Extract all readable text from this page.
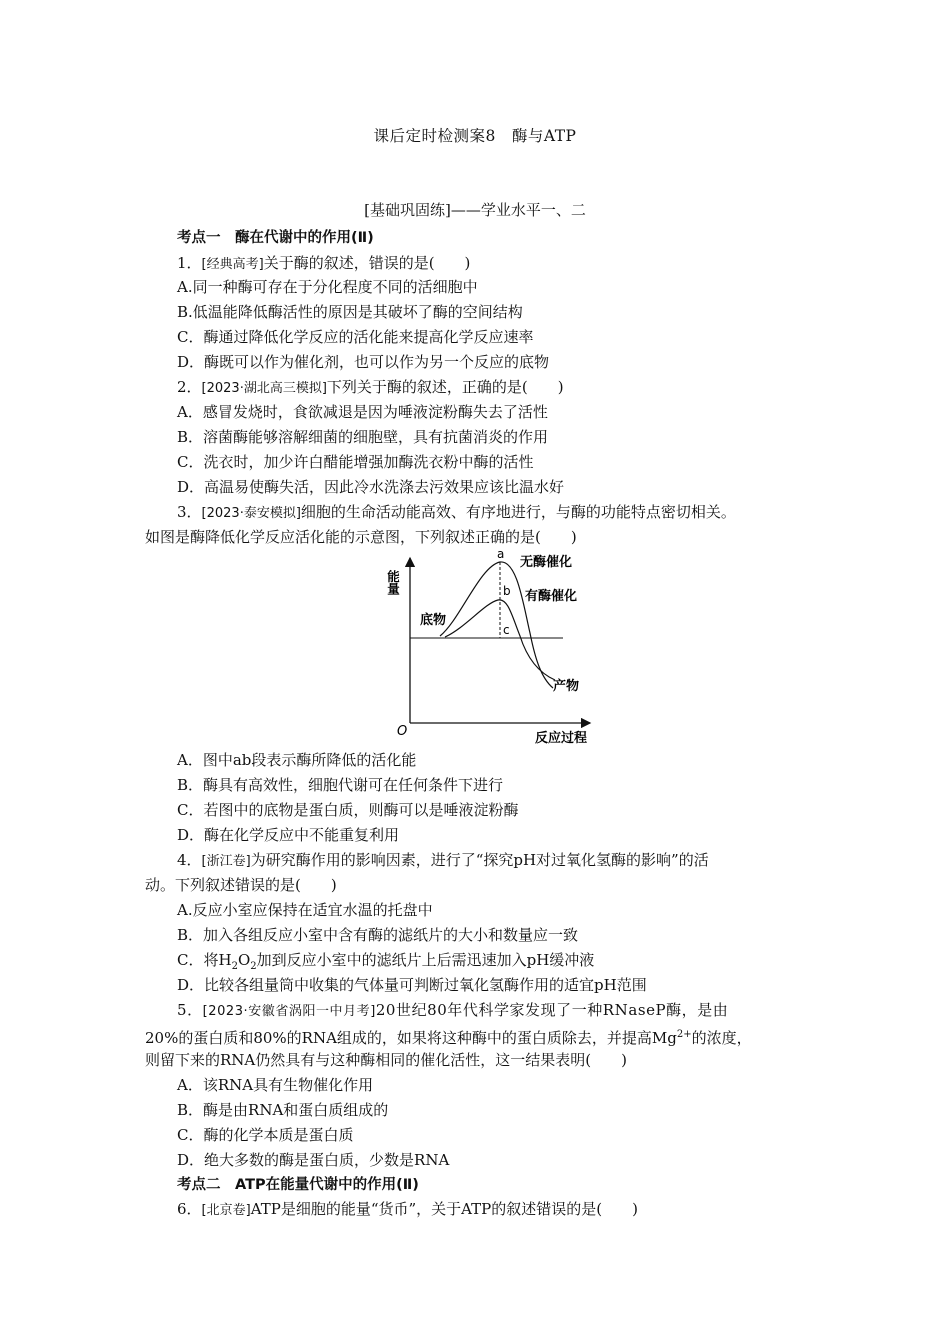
课后定时检测案8　酶与ATP
[基础巩固练]——学业水平一、二
考点一　酶在代谢中的作用(Ⅱ)
1．[经典高考]关于酶的叙述，错误的是(　　)
A.同一种酶可存在于分化程度不同的活细胞中
B.低温能降低酶活性的原因是其破坏了酶的空间结构
C．酶通过降低化学反应的活化能来提高化学反应速率
D．酶既可以作为催化剂，也可以作为另一个反应的底物
2．[2023·湖北高三模拟]下列关于酶的叙述，正确的是(　　)
A．感冒发烧时，食欲减退是因为唾液淀粉酶失去了活性
B．溶菌酶能够溶解细菌的细胞壁，具有抗菌消炎的作用
C．洗衣时，加少许白醋能增强加酶洗衣粉中酶的活性
D．高温易使酶失活，因此冷水洗涤去污效果应该比温水好
3．[2023·泰安模拟]细胞的生命活动能高效、有序地进行，与酶的功能特点密切相关。
如图是酶降低化学反应活化能的示意图，下列叙述正确的是(　　)
能量
反应过程
O
a
b
c
无酶催化
有酶催化
底物
产物
A．图中ab段表示酶所降低的活化能
B．酶具有高效性，细胞代谢可在任何条件下进行
C．若图中的底物是蛋白质，则酶可以是唾液淀粉酶
D．酶在化学反应中不能重复利用
4．[浙江卷]为研究酶作用的影响因素，进行了“探究pH对过氧化氢酶的影响”的活
动。下列叙述错误的是(　　)
A.反应小室应保持在适宜水温的托盘中
B．加入各组反应小室中含有酶的滤纸片的大小和数量应一致
C．将$H_2O_2$加到反应小室中的滤纸片上后需迅速加入pH缓冲液
D．比较各组量筒中收集的气体量可判断过氧化氢酶作用的适宜pH范围
5．[2023·安徽省涡阳一中月考]20世纪80年代科学家发现了一种RNaseP酶，是由
20%的蛋白质和80%的RNA组成的，如果将这种酶中的蛋白质除去，并提高$Mg^{2+}$的浓度，
则留下来的RNA仍然具有与这种酶相同的催化活性，这一结果表明(　　)
A．该RNA具有生物催化作用
B．酶是由RNA和蛋白质组成的
C．酶的化学本质是蛋白质
D．绝大多数的酶是蛋白质，少数是RNA
考点二　ATP在能量代谢中的作用(Ⅱ)
6．[北京卷]ATP是细胞的能量“货币”，关于ATP的叙述错误的是(　　)
